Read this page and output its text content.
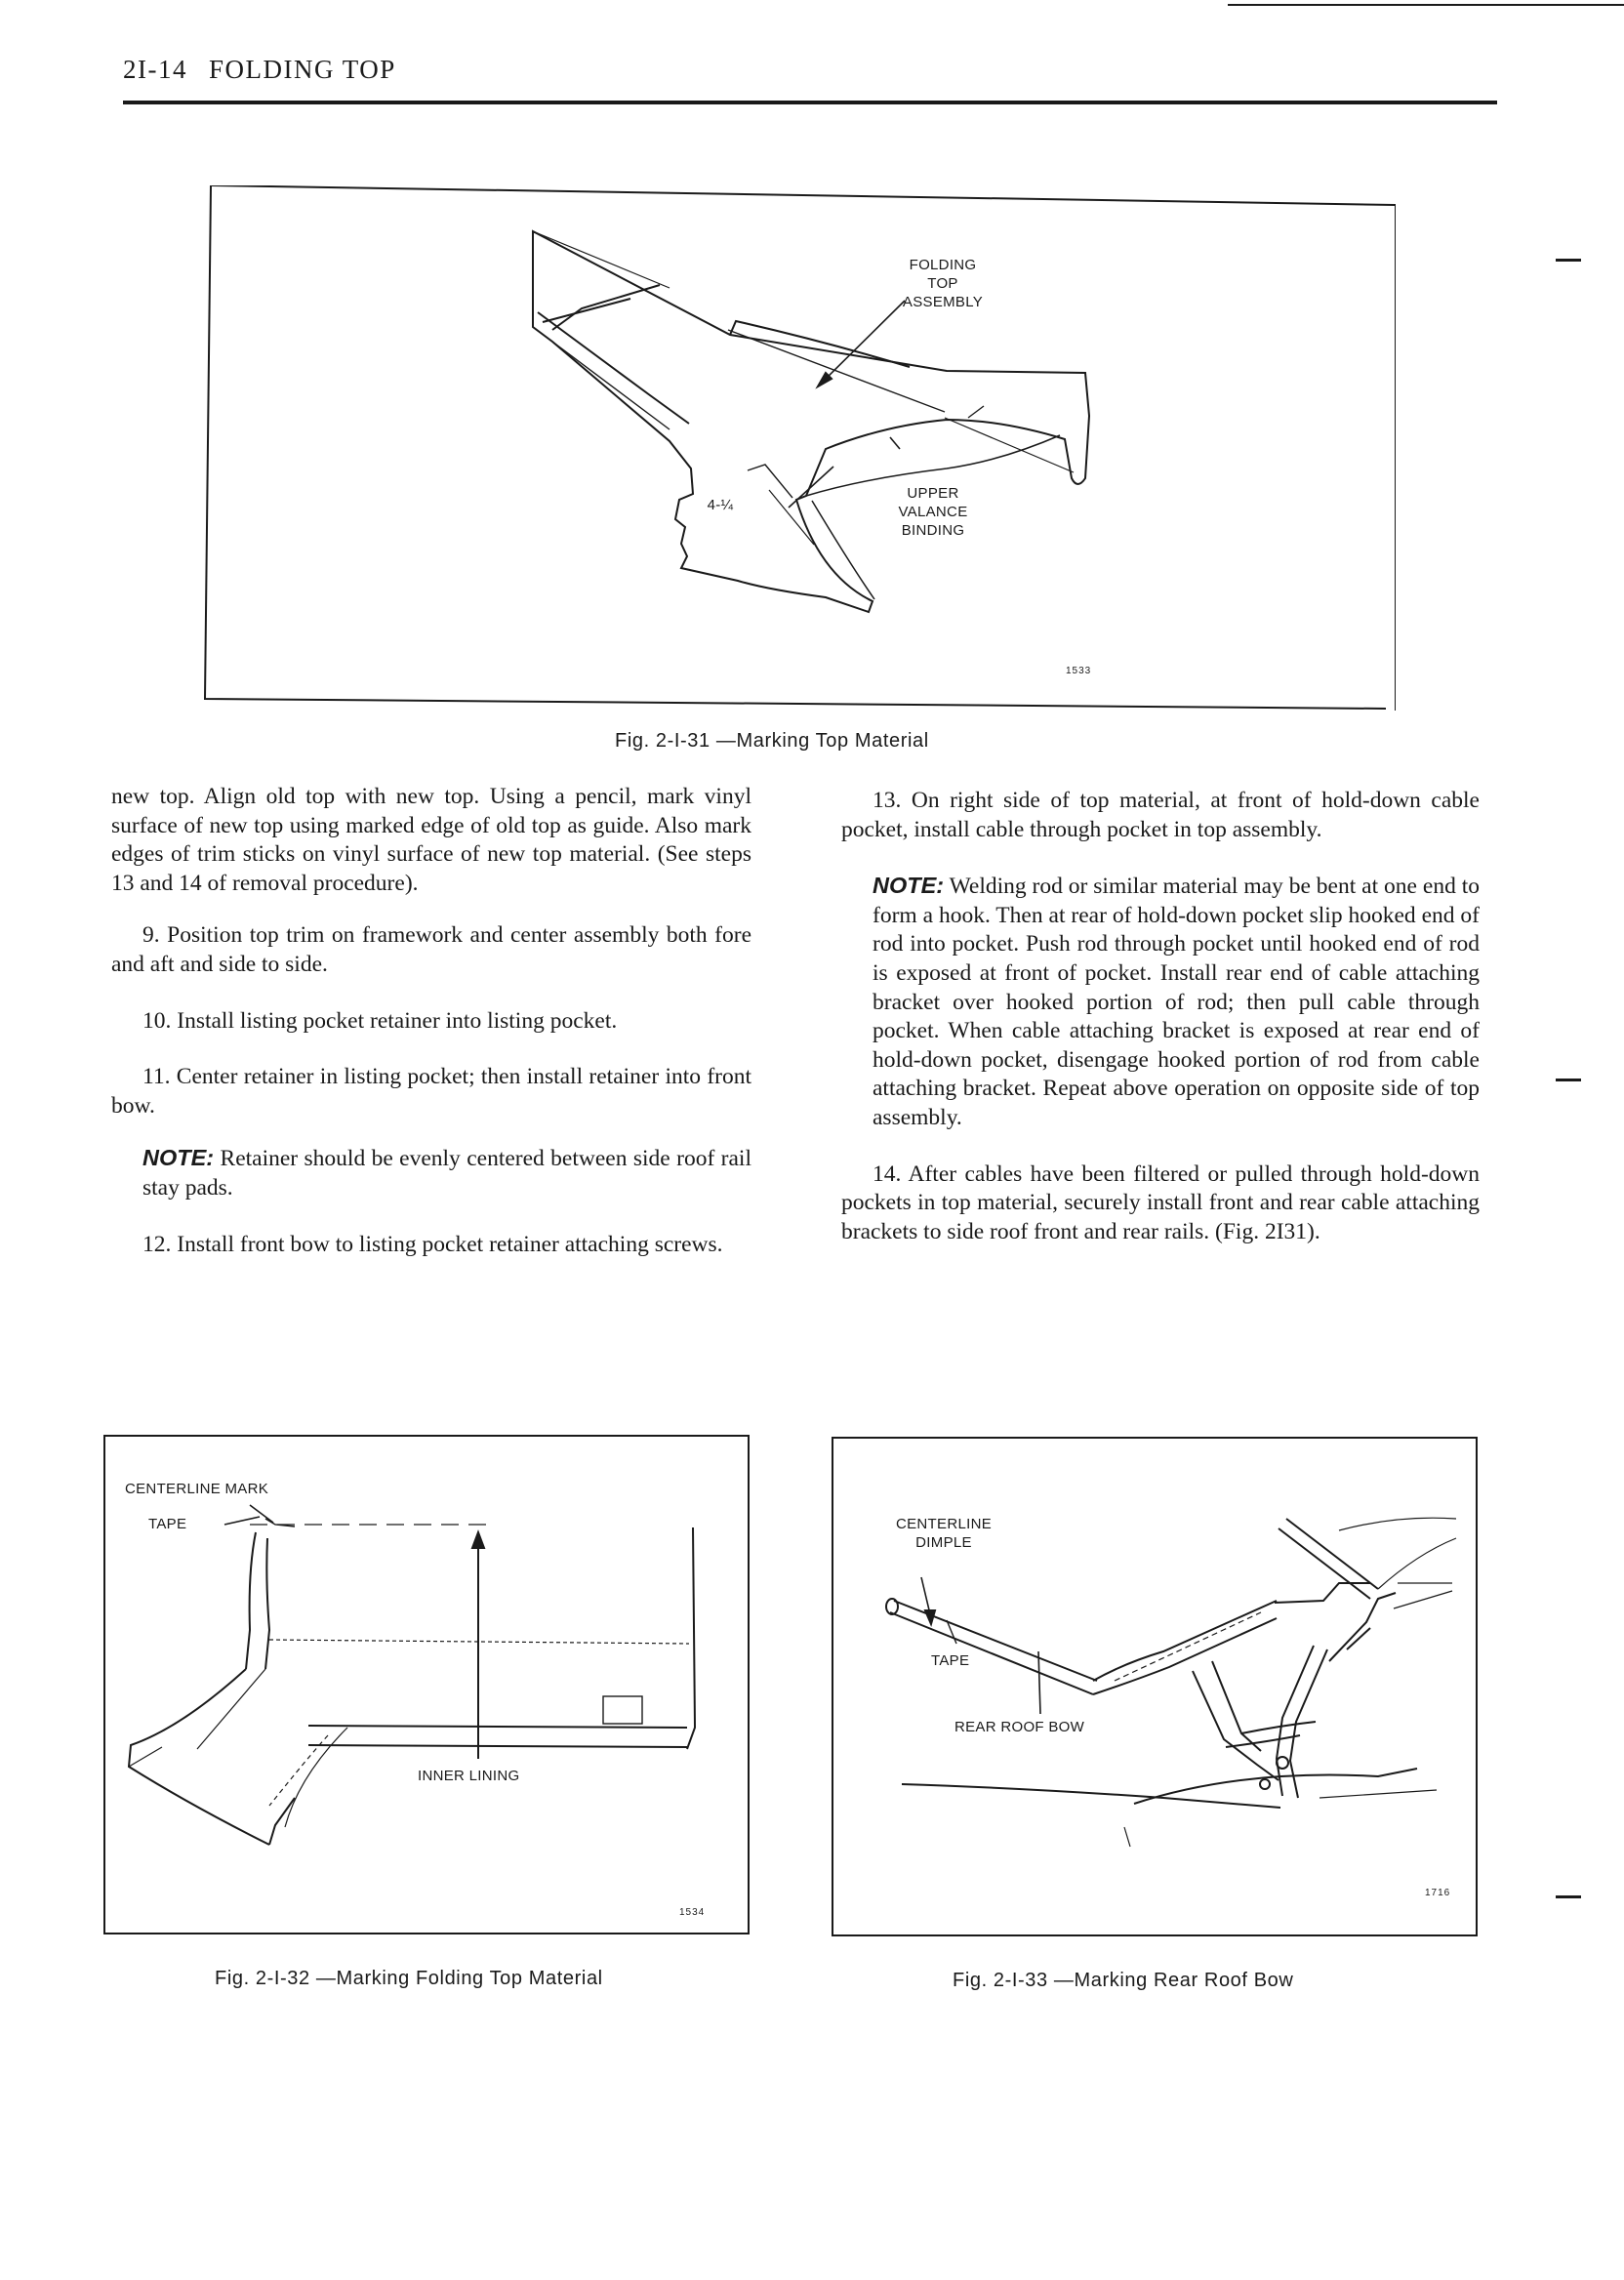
2I-14 FOLDING TOP
FOLDING
TOP
ASSEMBLY
UPPER
VALANCE
BINDING
4-¼
1533
Fig. 2-I-31 —Marking Top Material

new top. Align old top with new top. Using a pencil, mark vinyl surface of new top using marked edge of old top as guide. Also mark edges of trim sticks on vinyl surface of new top material. (See steps 13 and 14 of removal procedure).

9. Position top trim on framework and center assembly both fore and aft and side to side.

10. Install listing pocket retainer into listing pocket.

11. Center retainer in listing pocket; then install retainer into front bow.

NOTE: Retainer should be evenly centered between side roof rail stay pads.

12. Install front bow to listing pocket retainer attaching screws.

13. On right side of top material, at front of hold-down cable pocket, install cable through pocket in top assembly.

NOTE: Welding rod or similar material may be bent at one end to form a hook. Then at rear of hold-down pocket slip hooked end of rod into pocket. Push rod through pocket until hooked end of rod is exposed at front of pocket. Install rear end of cable attaching bracket over hooked portion of rod; then pull cable through pocket. When cable attaching bracket is exposed at rear end of hold-down pocket, disengage hooked portion of rod from cable attaching bracket. Repeat above operation on opposite side of top assembly.

14. After cables have been filtered or pulled through hold-down pockets in top material, securely install front and rear cable attaching brackets to side roof front and rear rails. (Fig. 2I31).

CENTERLINE MARK
TAPE
INNER LINING
1534
Fig. 2-I-32 —Marking Folding Top Material
CENTERLINE
DIMPLE
TAPE
REAR ROOF BOW
1716
Fig. 2-I-33 —Marking Rear Roof Bow
